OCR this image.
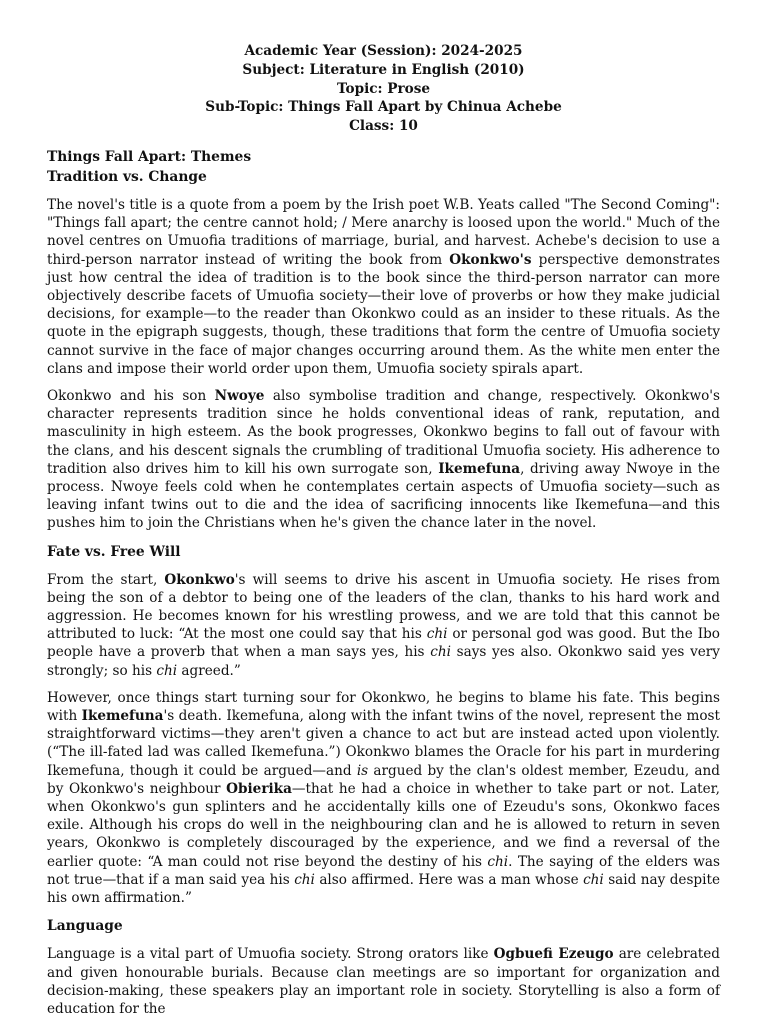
Academic Year (Session): 2024-2025
Subject: Literature in English (2010)
Topic: Prose
Sub-Topic: Things Fall Apart by Chinua Achebe
Class: 10
Things Fall Apart: Themes
Tradition vs. Change

The novel's title is a quote from a poem by the Irish poet W.B. Yeats called "The Second Coming": "Things fall apart; the centre cannot hold; / Mere anarchy is loosed upon the world." Much of the novel centres on Umuofia traditions of marriage, burial, and harvest. Achebe's decision to use a third-person narrator instead of writing the book from Okonkwo's perspective demonstrates just how central the idea of tradition is to the book since the third-person narrator can more objectively describe facets of Umuofia society—their love of proverbs or how they make judicial decisions, for example—to the reader than Okonkwo could as an insider to these rituals. As the quote in the epigraph suggests, though, these traditions that form the centre of Umuofia society cannot survive in the face of major changes occurring around them. As the white men enter the clans and impose their world order upon them, Umuofia society spirals apart.

Okonkwo and his son Nwoye also symbolise tradition and change, respectively. Okonkwo's character represents tradition since he holds conventional ideas of rank, reputation, and masculinity in high esteem. As the book progresses, Okonkwo begins to fall out of favour with the clans, and his descent signals the crumbling of traditional Umuofia society. His adherence to tradition also drives him to kill his own surrogate son, Ikemefuna, driving away Nwoye in the process. Nwoye feels cold when he contemplates certain aspects of Umuofia society—such as leaving infant twins out to die and the idea of sacrificing innocents like Ikemefuna—and this pushes him to join the Christians when he's given the chance later in the novel.

Fate vs. Free Will

From the start, Okonkwo's will seems to drive his ascent in Umuofia society. He rises from being the son of a debtor to being one of the leaders of the clan, thanks to his hard work and aggression. He becomes known for his wrestling prowess, and we are told that this cannot be attributed to luck: “At the most one could say that his chi or personal god was good. But the Ibo people have a proverb that when a man says yes, his chi says yes also. Okonkwo said yes very strongly; so his chi agreed.”

However, once things start turning sour for Okonkwo, he begins to blame his fate. This begins with Ikemefuna's death. Ikemefuna, along with the infant twins of the novel, represent the most straightforward victims—they aren't given a chance to act but are instead acted upon violently. (“The ill-fated lad was called Ikemefuna.”) Okonkwo blames the Oracle for his part in murdering Ikemefuna, though it could be argued—and is argued by the clan's oldest member, Ezeudu, and by Okonkwo's neighbour Obierika—that he had a choice in whether to take part or not. Later, when Okonkwo's gun splinters and he accidentally kills one of Ezeudu's sons, Okonkwo faces exile. Although his crops do well in the neighbouring clan and he is allowed to return in seven years, Okonkwo is completely discouraged by the experience, and we find a reversal of the earlier quote: “A man could not rise beyond the destiny of his chi. The saying of the elders was not true—that if a man said yea his chi also affirmed. Here was a man whose chi said nay despite his own affirmation.”

Language

Language is a vital part of Umuofia society. Strong orators like Ogbuefi Ezeugo are celebrated and given honourable burials. Because clan meetings are so important for organization and decision-making, these speakers play an important role in society. Storytelling is also a form of education for the
